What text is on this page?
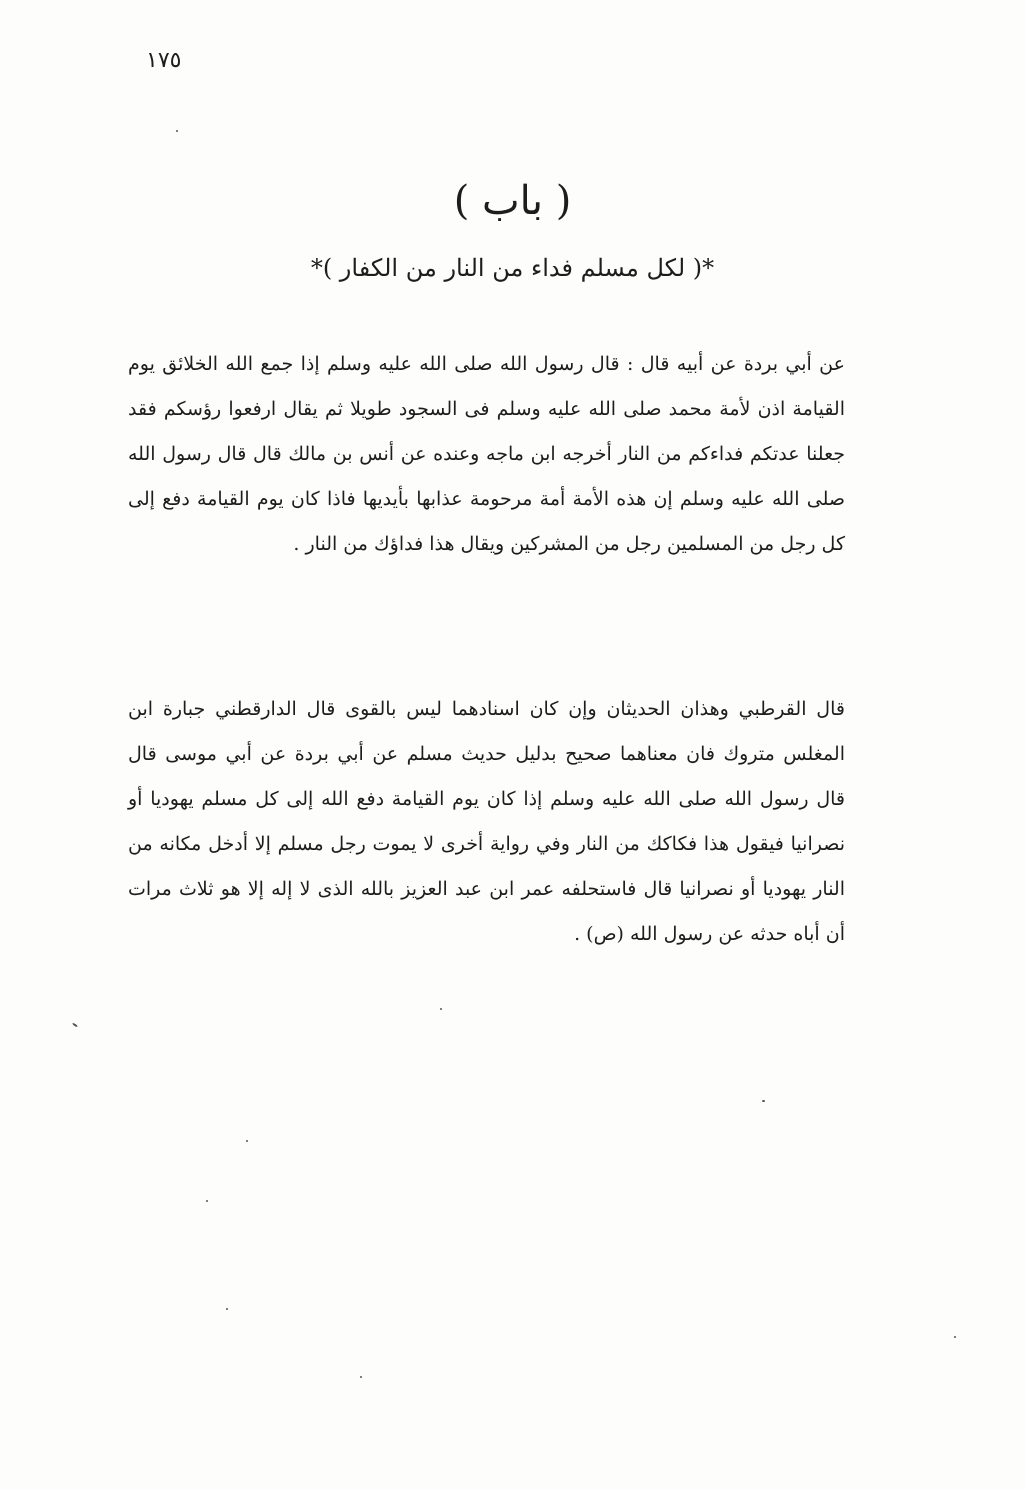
١٧٥
( باب )
*( لكل مسلم فداء من النار من الكفار )*

عن أبي بردة عن أبيه قال : قال رسول الله صلى الله عليه وسلم إذا جمع الله الخلائق يوم القيامة اذن لأمة محمد صلى الله عليه وسلم فى السجود طويلا ثم يقال ارفعوا رؤسكم فقد جعلنا عدتكم فداءكم من النار أخرجه ابن ماجه وعنده عن أنس بن مالك قال قال رسول الله صلى الله عليه وسلم إن هذه الأمة أمة مرحومة عذابها بأيديها فاذا كان يوم القيامة دفع إلى كل رجل من المسلمين رجل من المشركين ويقال هذا فداؤك من النار .

قال القرطبي وهذان الحديثان وإن كان اسنادهما ليس بالقوى قال الدارقطني جبارة ابن المغلس متروك فان معناهما صحيح بدليل حديث مسلم عن أبي بردة عن أبي موسى قال قال رسول الله صلى الله عليه وسلم إذا كان يوم القيامة دفع الله إلى كل مسلم يهوديا أو نصرانيا فيقول هذا فكاكك من النار وفي رواية أخرى لا يموت رجل مسلم إلا أدخل مكانه من النار يهوديا أو نصرانيا قال فاستحلفه عمر ابن عبد العزيز بالله الذى لا إله إلا هو ثلاث مرات أن أباه حدثه عن رسول الله (ص) .
